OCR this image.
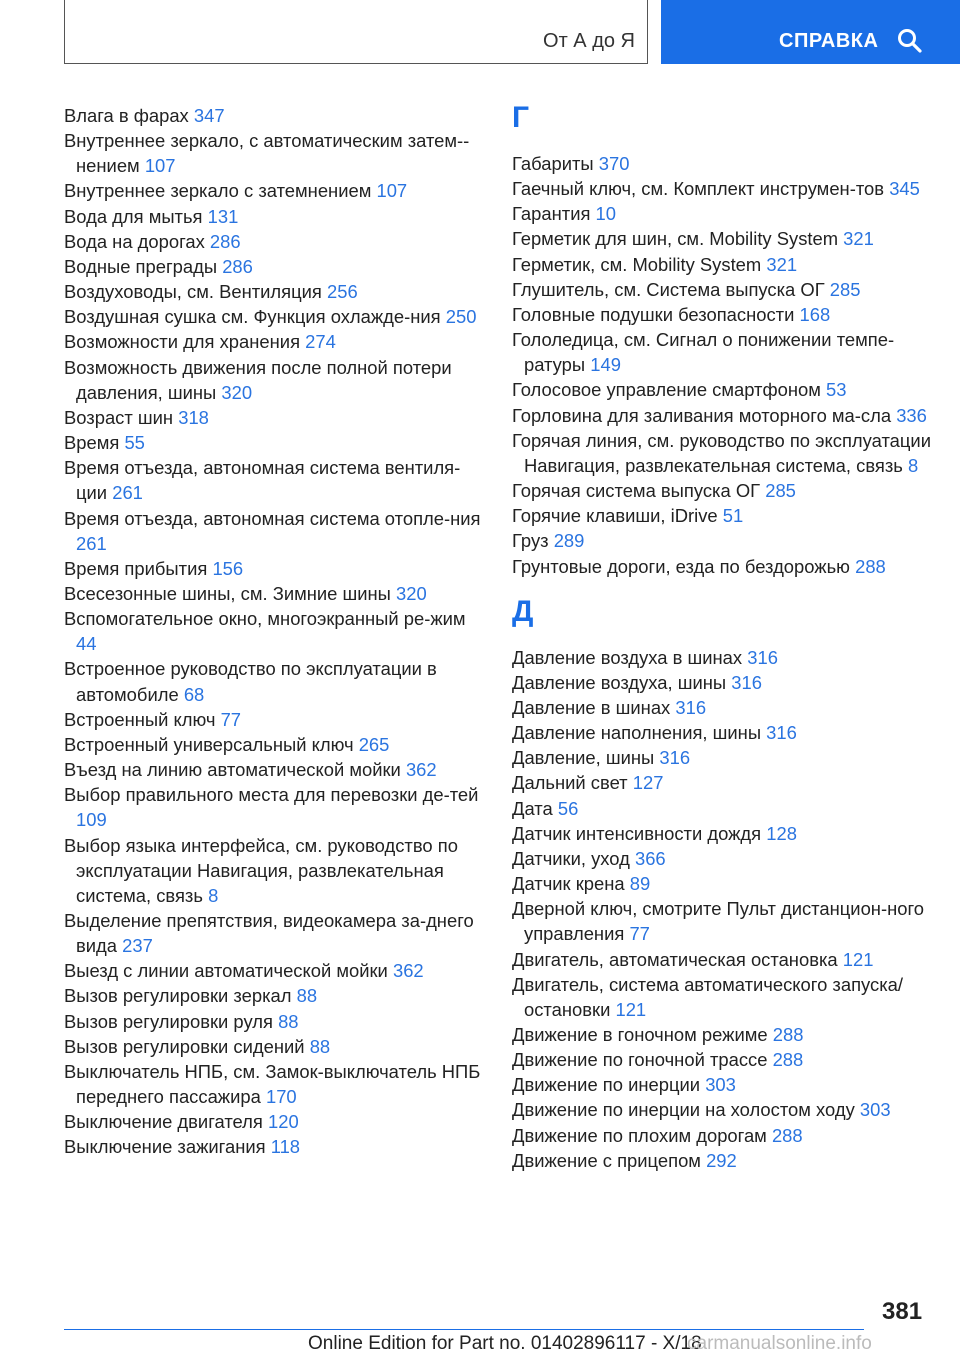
От А до Я	СПРАВКА
Влага в фарах 347
Внутреннее зеркало, с автоматическим затем-нением 107
Внутреннее зеркало с затемнением 107
Вода для мытья 131
Вода на дорогах 286
Водные преграды 286
Воздуховоды, см. Вентиляция 256
Воздушная сушка см. Функция охлажде-ния 250
Возможности для хранения 274
Возможность движения после полной потери давления, шины 320
Возраст шин 318
Время 55
Время отъезда, автономная система вентиля-ции 261
Время отъезда, автономная система отопле-ния 261
Время прибытия 156
Всесезонные шины, см. Зимние шины 320
Вспомогательное окно, многоэкранный ре-жим 44
Встроенное руководство по эксплуатации в автомобиле 68
Встроенный ключ 77
Встроенный универсальный ключ 265
Въезд на линию автоматической мойки 362
Выбор правильного места для перевозки де-тей 109
Выбор языка интерфейса, см. руководство по эксплуатации Навигация, развлекательная система, связь 8
Выделение препятствия, видеокамера за-днего вида 237
Выезд с линии автоматической мойки 362
Вызов регулировки зеркал 88
Вызов регулировки руля 88
Вызов регулировки сидений 88
Выключатель НПБ, см. Замок-выключатель НПБ переднего пассажира 170
Выключение двигателя 120
Выключение зажигания 118
Г
Габариты 370
Гаечный ключ, см. Комплект инструмен-тов 345
Гарантия 10
Герметик для шин, см. Mobility System 321
Герметик, см. Mobility System 321
Глушитель, см. Система выпуска ОГ 285
Головные подушки безопасности 168
Гололедица, см. Сигнал о понижении темпе-ратуры 149
Голосовое управление смартфоном 53
Горловина для заливания моторного ма-сла 336
Горячая линия, см. руководство по эксплуатации Навигация, развлекательная система, связь 8
Горячая система выпуска ОГ 285
Горячие клавиши, iDrive 51
Груз 289
Грунтовые дороги, езда по бездорожью 288
Д
Давление воздуха в шинах 316
Давление воздуха, шины 316
Давление в шинах 316
Давление наполнения, шины 316
Давление, шины 316
Дальний свет 127
Дата 56
Датчик интенсивности дождя 128
Датчики, уход 366
Датчик крена 89
Дверной ключ, смотрите Пульт дистанцион-ного управления 77
Двигатель, автоматическая остановка 121
Двигатель, система автоматического запуска/ остановки 121
Движение в гоночном режиме 288
Движение по гоночной трассе 288
Движение по инерции 303
Движение по инерции на холостом ходу 303
Движение по плохим дорогам 288
Движение с прицепом 292
381
Online Edition for Part no. 01402896117 - X/18
carmanualsonline.info
